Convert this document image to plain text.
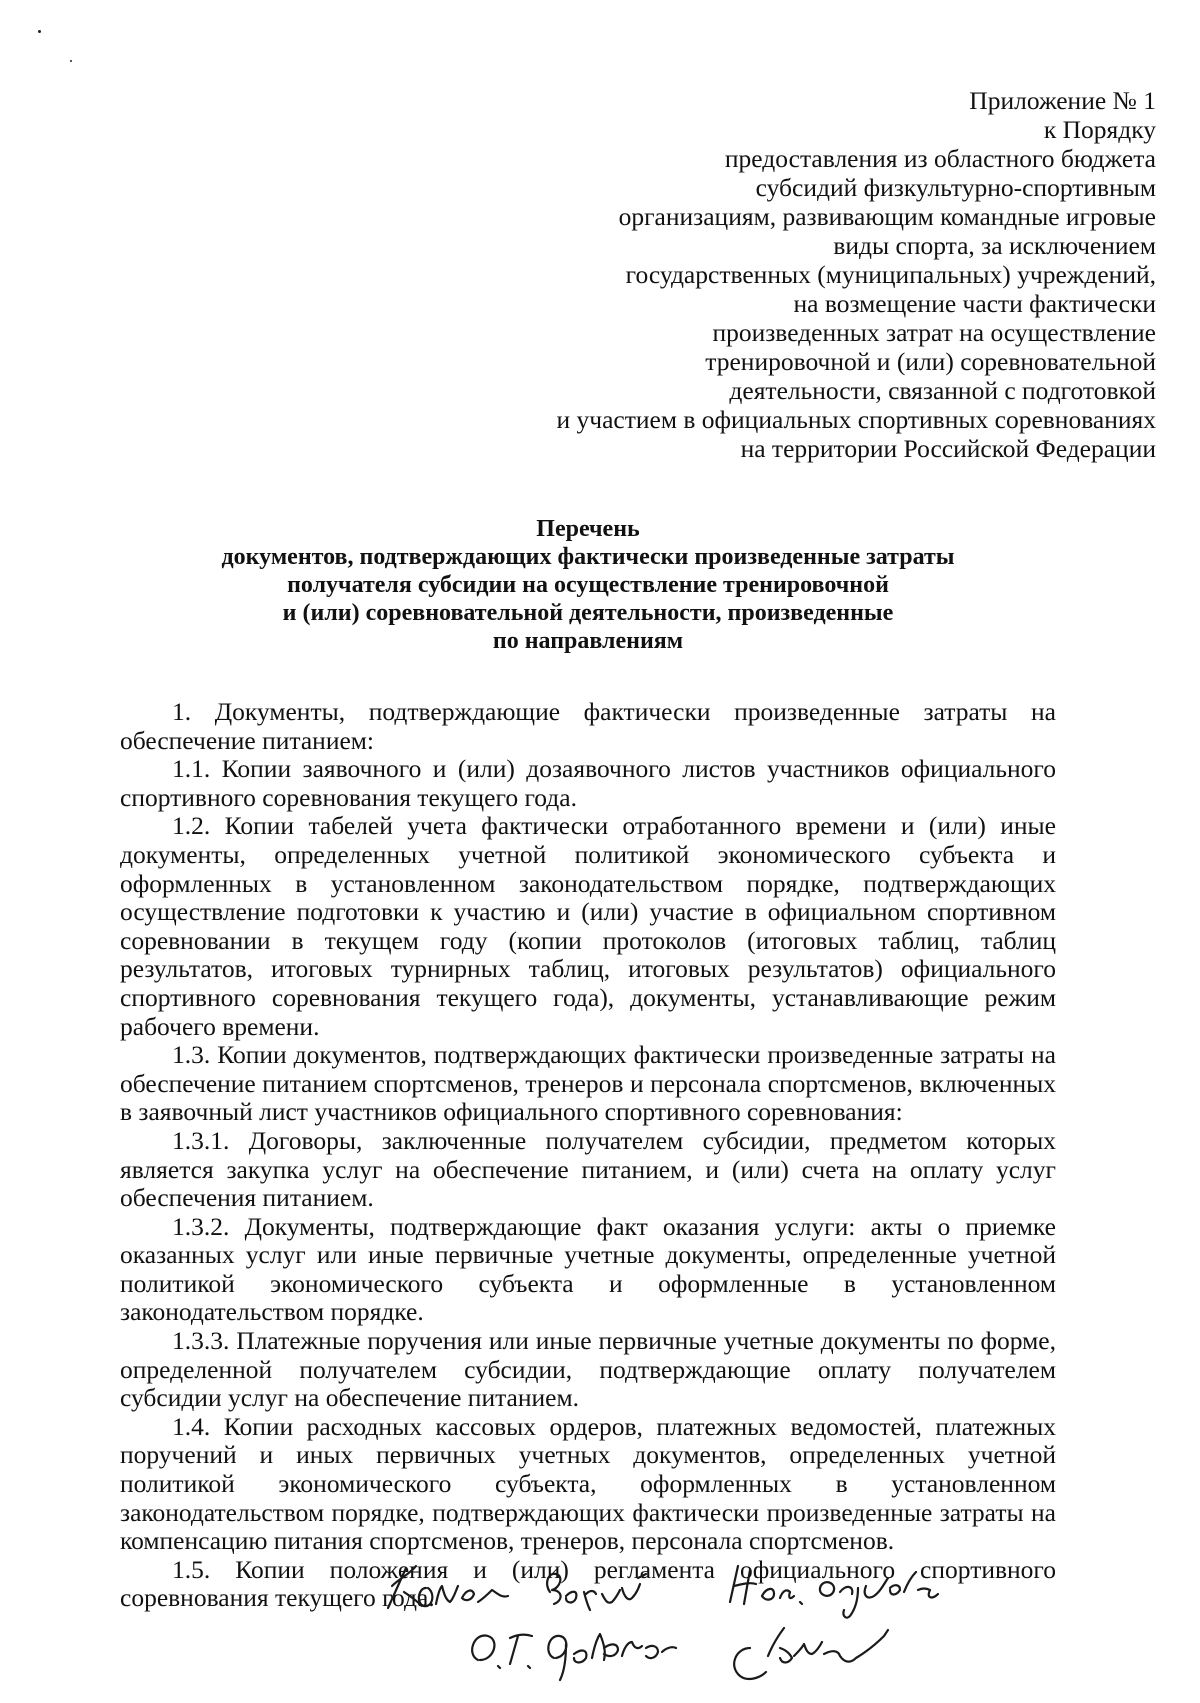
Приложение № 1
к Порядку
предоставления из областного бюджета
субсидий физкультурно-спортивным
организациям, развивающим командные игровые
виды спорта, за исключением
государственных (муниципальных) учреждений,
на возмещение части фактически
произведенных затрат на осуществление
тренировочной и (или) соревновательной
деятельности, связанной с подготовкой
и участием в официальных спортивных соревнованиях
на территории Российской Федерации
Перечень
документов, подтверждающих фактически произведенные затраты
получателя субсидии на осуществление тренировочной
и (или) соревновательной деятельности, произведенные
по направлениям

1. Документы, подтверждающие фактически произведенные затраты на обеспечение питанием:

1.1. Копии заявочного и (или) дозаявочного листов участников официального спортивного соревнования текущего года.

1.2. Копии табелей учета фактически отработанного времени и (или) иные документы, определенных учетной политикой экономического субъекта и оформленных в установленном законодательством порядке, подтверждающих осуществление подготовки к участию и (или) участие в официальном спортивном соревновании в текущем году (копии протоколов (итоговых таблиц, таблиц результатов, итоговых турнирных таблиц, итоговых результатов) официального спортивного соревнования текущего года), документы, устанавливающие режим рабочего времени.

1.3. Копии документов, подтверждающих фактически произведенные затраты на обеспечение питанием спортсменов, тренеров и персонала спортсменов, включенных в заявочный лист участников официального спортивного соревнования:

1.3.1. Договоры, заключенные получателем субсидии, предметом которых является закупка услуг на обеспечение питанием, и (или) счета на оплату услуг обеспечения питанием.

1.3.2. Документы, подтверждающие факт оказания услуги: акты о приемке оказанных услуг или иные первичные учетные документы, определенные учетной политикой экономического субъекта и оформленные в установленном законодательством порядке.

1.3.3. Платежные поручения или иные первичные учетные документы по форме, определенной получателем субсидии, подтверждающие оплату получателем субсидии услуг на обеспечение питанием.

1.4. Копии расходных кассовых ордеров, платежных ведомостей, платежных поручений и иных первичных учетных документов, определенных учетной политикой экономического субъекта, оформленных в установленном законодательством порядке, подтверждающих фактически произведенные затраты на компенсацию питания спортсменов, тренеров, персонала спортсменов.

1.5. Копии положения и (или) регламента официального спортивного соревнования текущего года.
